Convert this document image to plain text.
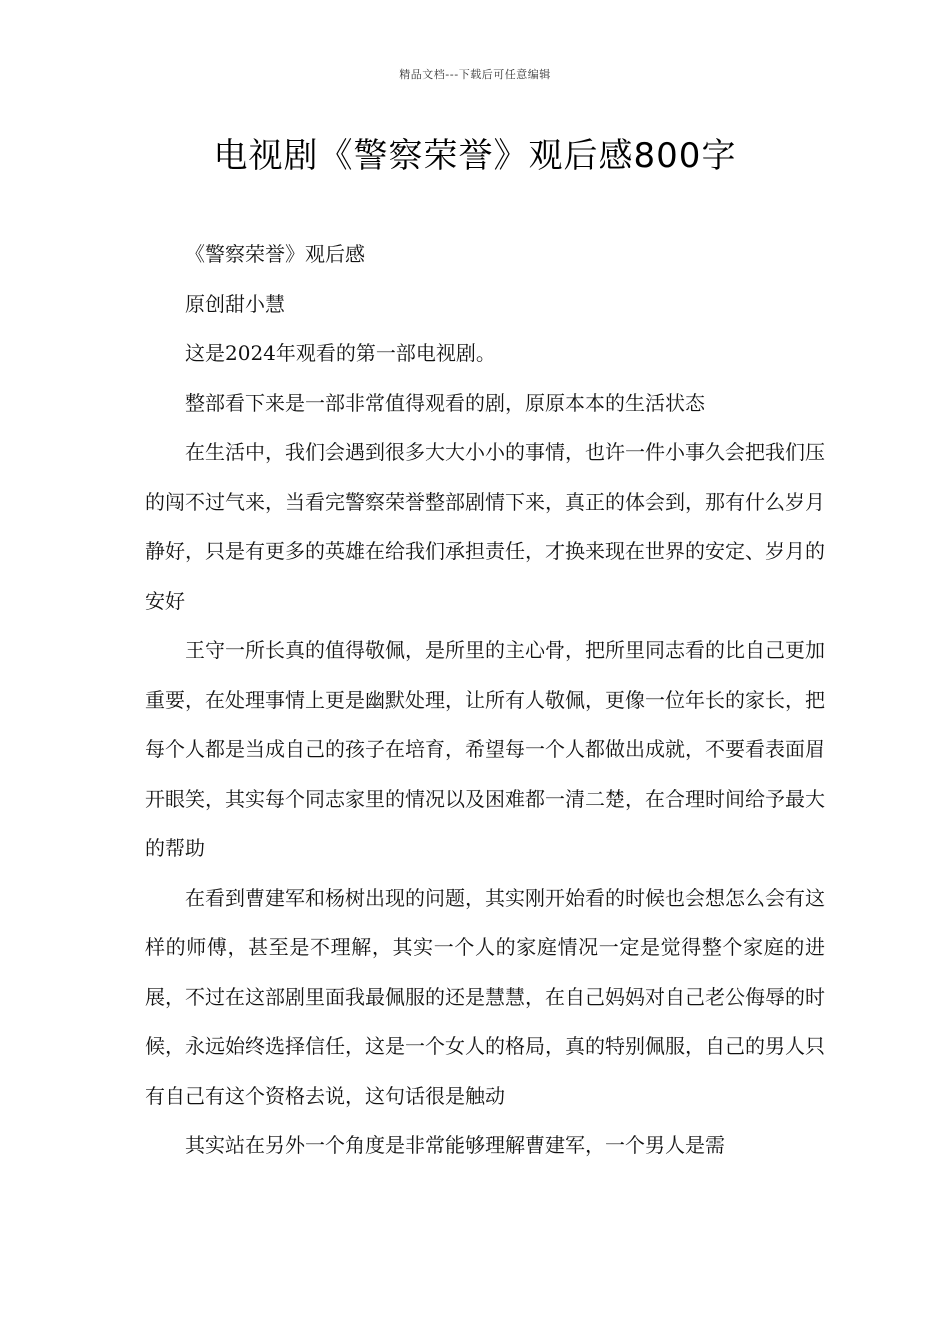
精品文档---下载后可任意编辑
电视剧《警察荣誉》观后感800字

《警察荣誉》观后感

原创甜小慧

这是2024年观看的第一部电视剧。

整部看下来是一部非常值得观看的剧，原原本本的生活状态

在生活中，我们会遇到很多大大小小的事情，也许一件小事久会把我们压的闯不过气来，当看完警察荣誉整部剧情下来，真正的体会到，那有什么岁月静好，只是有更多的英雄在给我们承担责任，才换来现在世界的安定、岁月的安好

王守一所长真的值得敬佩，是所里的主心骨，把所里同志看的比自己更加重要，在处理事情上更是幽默处理，让所有人敬佩，更像一位年长的家长，把每个人都是当成自己的孩子在培育，希望每一个人都做出成就，不要看表面眉开眼笑，其实每个同志家里的情况以及困难都一清二楚，在合理时间给予最大的帮助

在看到曹建军和杨树出现的问题，其实刚开始看的时候也会想怎么会有这样的师傅，甚至是不理解，其实一个人的家庭情况一定是觉得整个家庭的进展，不过在这部剧里面我最佩服的还是慧慧，在自己妈妈对自己老公侮辱的时候，永远始终选择信任，这是一个女人的格局，真的特别佩服，自己的男人只有自己有这个资格去说，这句话很是触动

其实站在另外一个角度是非常能够理解曹建军，一个男人是需
